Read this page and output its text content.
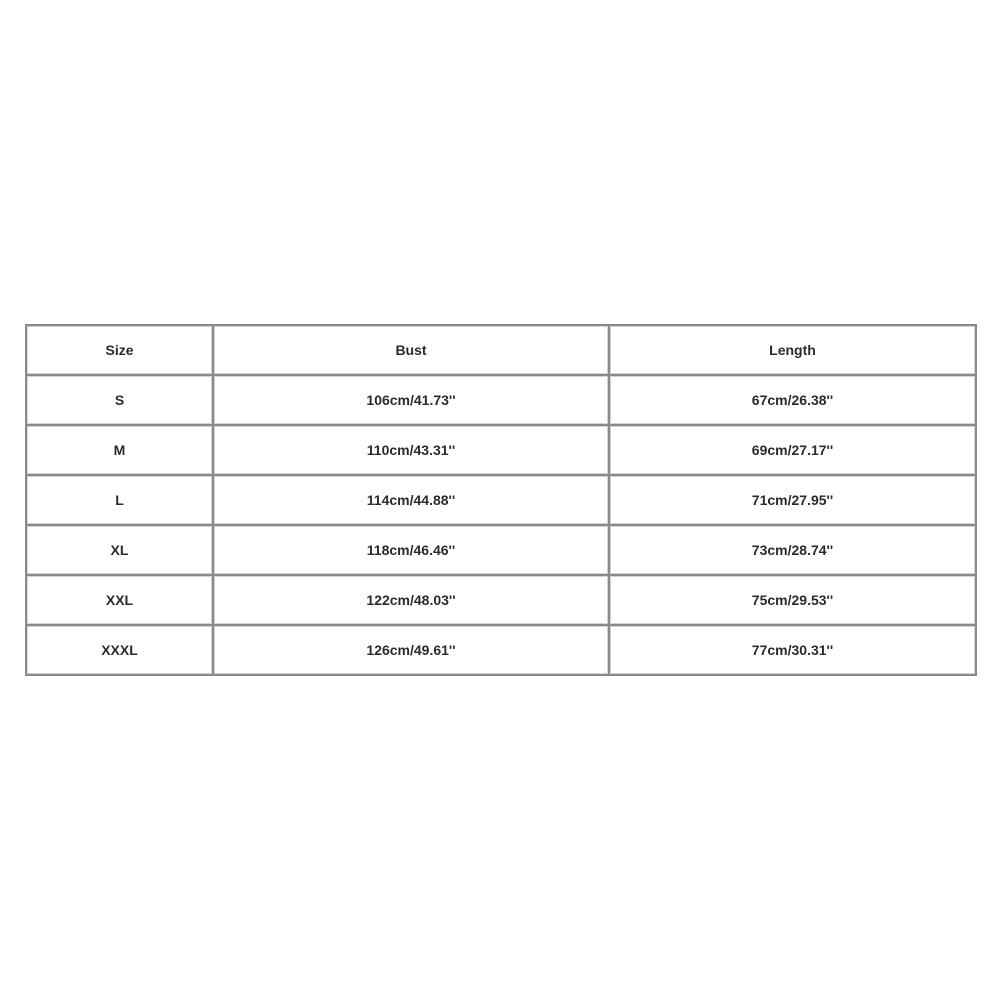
Size	Bust	Length
S	106cm/41.73''	67cm/26.38''
M	110cm/43.31''	69cm/27.17''
L	114cm/44.88''	71cm/27.95''
XL	118cm/46.46''	73cm/28.74''
XXL	122cm/48.03''	75cm/29.53''
XXXL	126cm/49.61''	77cm/30.31''
